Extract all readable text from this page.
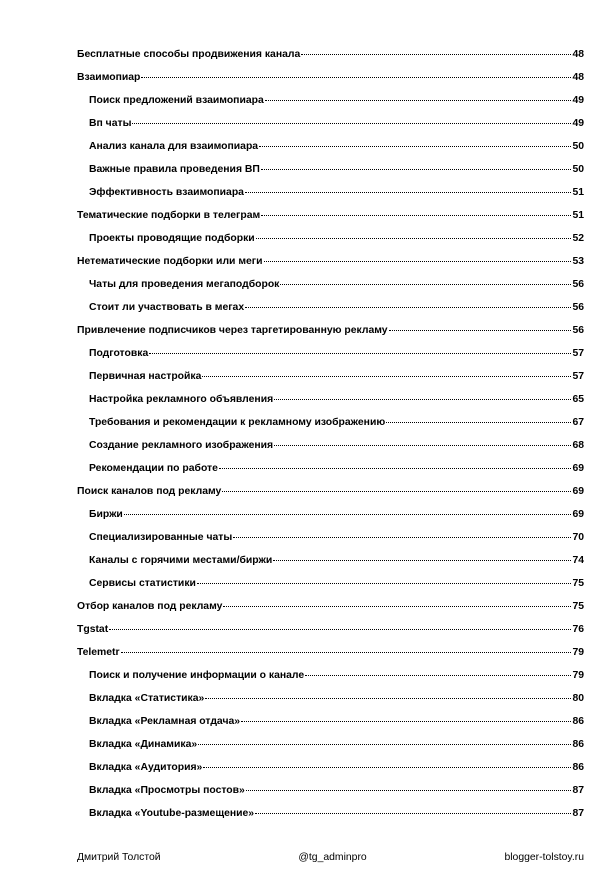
Бесплатные способы продвижения канала	48
Взаимопиар	48
Поиск предложений взаимопиара	49
Вп чаты	49
Анализ канала для взаимопиара	50
Важные правила проведения ВП	50
Эффективность взаимопиара	51
Тематические подборки в телеграм	51
Проекты проводящие подборки	52
Нетематические подборки или меги	53
Чаты для проведения мегаподборок	56
Стоит ли участвовать в мегах	56
Привлечение подписчиков через таргетированную рекламу	56
Подготовка	57
Первичная настройка	57
Настройка рекламного объявления	65
Требования и рекомендации к рекламному изображению	67
Создание рекламного изображения	68
Рекомендации по работе	69
Поиск каналов под рекламу	69
Биржи	69
Специализированные чаты	70
Каналы с горячими местами/биржи	74
Сервисы статистики	75
Отбор каналов под рекламу	75
Tgstat	76
Telemetr	79
Поиск и получение информации о канале	79
Вкладка «Статистика»	80
Вкладка «Рекламная отдача»	86
Вкладка «Динамика»	86
Вкладка «Аудитория»	86
Вкладка «Просмотры постов»	87
Вкладка «Youtube-размещение»	87
Дмитрий Толстой	@tg_adminpro	blogger-tolstoy.ru
